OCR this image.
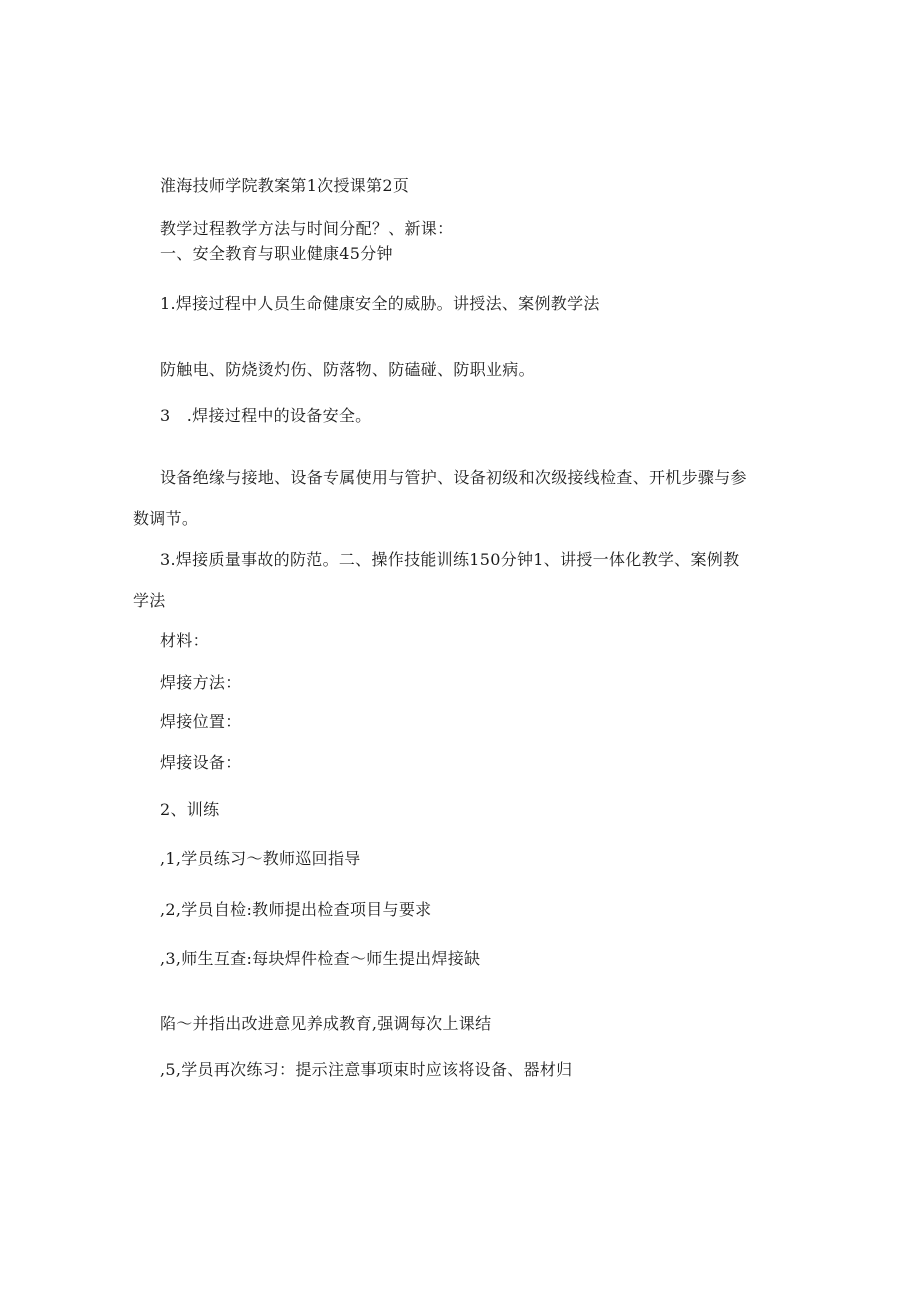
淮海技师学院教案第1次授课第2页
教学过程教学方法与时间分配？、新课：
一、安全教育与职业健康45分钟
1.焊接过程中人员生命健康安全的威胁。讲授法、案例教学法
防触电、防烧烫灼伤、防落物、防磕碰、防职业病。
3　.焊接过程中的设备安全。
设备绝缘与接地、设备专属使用与管护、设备初级和次级接线检查、开机步骤与参
数调节。
3.焊接质量事故的防范。二、操作技能训练150分钟1、讲授一体化教学、案例教
学法
材料：
焊接方法：
焊接位置：
焊接设备：
2、训练
,1,学员练习～教师巡回指导
,2,学员自检:教师提出检查项目与要求
,3,师生互查:每块焊件检查～师生提出焊接缺
陷～并指出改进意见养成教育,强调每次上课结
,5,学员再次练习：提示注意事项束时应该将设备、器材归
